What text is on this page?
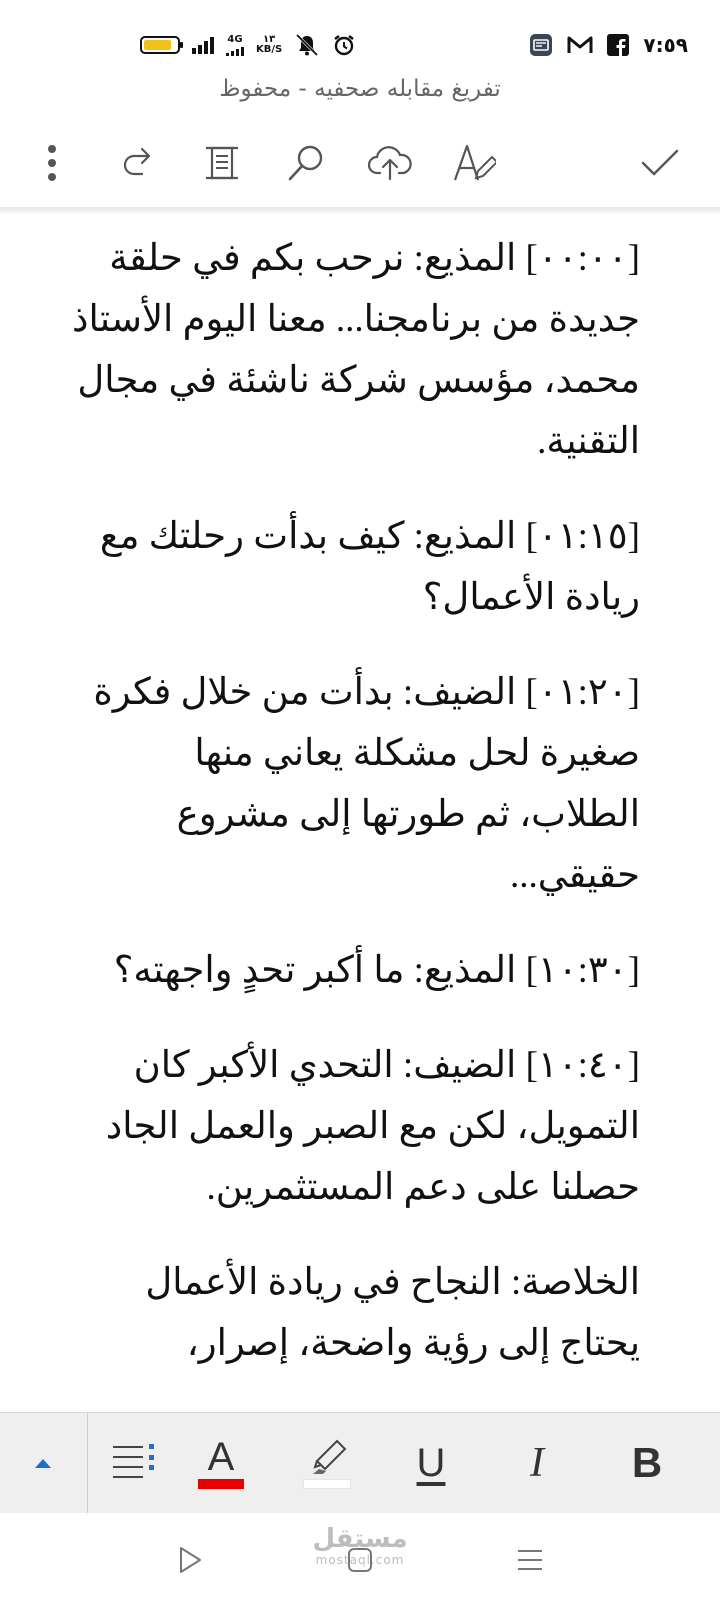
4G	١٣
KB/S	٧:٥٩
تفريغ مقابله صحفيه - محفوظ

[٠٠:٠٠] المذيع: نرحب بكم في حلقة جديدة من برنامجنا... معنا اليوم الأستاذ محمد، مؤسس شركة ناشئة في مجال التقنية.

[٠١:١٥] المذيع: كيف بدأت رحلتك مع ريادة الأعمال؟

[٠١:٢٠] الضيف: بدأت من خلال فكرة صغيرة لحل مشكلة يعاني منها الطلاب، ثم طورتها إلى مشروع حقيقي...

[١٠:٣٠] المذيع: ما أكبر تحدٍ واجهته؟

[١٠:٤٠] الضيف: التحدي الأكبر كان التمويل، لكن مع الصبر والعمل الجاد حصلنا على دعم المستثمرين.

الخلاصة: النجاح في ريادة الأعمال يحتاج إلى رؤية واضحة، إصرار،

A	U I B
مستقل
mostaql.com
